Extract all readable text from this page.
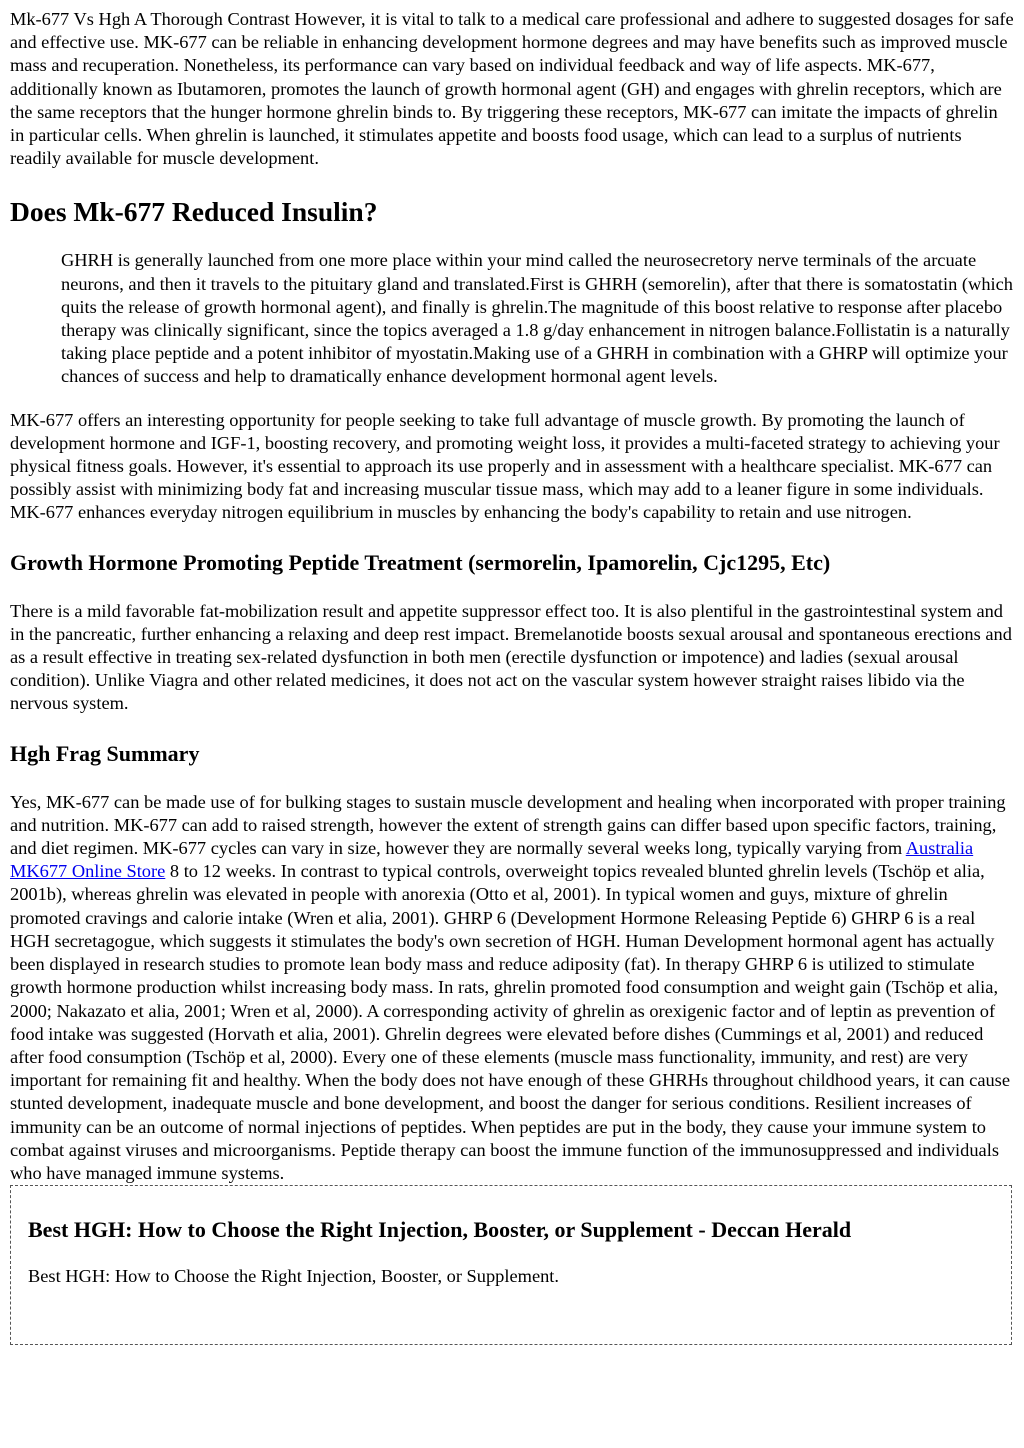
Mk-677 Vs Hgh A Thorough Contrast However, it is vital to talk to a medical care professional and adhere to suggested dosages for safe and effective use. MK-677 can be reliable in enhancing development hormone degrees and may have benefits such as improved muscle mass and recuperation. Nonetheless, its performance can vary based on individual feedback and way of life aspects. MK-677, additionally known as Ibutamoren, promotes the launch of growth hormonal agent (GH) and engages with ghrelin receptors, which are the same receptors that the hunger hormone ghrelin binds to. By triggering these receptors, MK-677 can imitate the impacts of ghrelin in particular cells. When ghrelin is launched, it stimulates appetite and boosts food usage, which can lead to a surplus of nutrients readily available for muscle development.

Does Mk-677 Reduced Insulin?

GHRH is generally launched from one more place within your mind called the neurosecretory nerve terminals of the arcuate neurons, and then it travels to the pituitary gland and translated.First is GHRH (semorelin), after that there is somatostatin (which quits the release of growth hormonal agent), and finally is ghrelin.The magnitude of this boost relative to response after placebo therapy was clinically significant, since the topics averaged a 1.8 g/day enhancement in nitrogen balance.Follistatin is a naturally taking place peptide and a potent inhibitor of myostatin.Making use of a GHRH in combination with a GHRP will optimize your chances of success and help to dramatically enhance development hormonal agent levels.

MK-677 offers an interesting opportunity for people seeking to take full advantage of muscle growth. By promoting the launch of development hormone and IGF-1, boosting recovery, and promoting weight loss, it provides a multi-faceted strategy to achieving your physical fitness goals. However, it's essential to approach its use properly and in assessment with a healthcare specialist. MK-677 can possibly assist with minimizing body fat and increasing muscular tissue mass, which may add to a leaner figure in some individuals. MK-677 enhances everyday nitrogen equilibrium in muscles by enhancing the body's capability to retain and use nitrogen.

Growth Hormone Promoting Peptide Treatment (sermorelin, Ipamorelin, Cjc1295, Etc)

There is a mild favorable fat-mobilization result and appetite suppressor effect too. It is also plentiful in the gastrointestinal system and in the pancreatic, further enhancing a relaxing and deep rest impact. Bremelanotide boosts sexual arousal and spontaneous erections and as a result effective in treating sex-related dysfunction in both men (erectile dysfunction or impotence) and ladies (sexual arousal condition). Unlike Viagra and other related medicines, it does not act on the vascular system however straight raises libido via the nervous system.

Hgh Frag Summary

Yes, MK-677 can be made use of for bulking stages to sustain muscle development and healing when incorporated with proper training and nutrition. MK-677 can add to raised strength, however the extent of strength gains can differ based upon specific factors, training, and diet regimen. MK-677 cycles can vary in size, however they are normally several weeks long, typically varying from Australia MK677 Online Store 8 to 12 weeks. In contrast to typical controls, overweight topics revealed blunted ghrelin levels (Tschöp et alia, 2001b), whereas ghrelin was elevated in people with anorexia (Otto et al, 2001). In typical women and guys, mixture of ghrelin promoted cravings and calorie intake (Wren et alia, 2001). GHRP 6 (Development Hormone Releasing Peptide 6) GHRP 6 is a real HGH secretagogue, which suggests it stimulates the body's own secretion of HGH. Human Development hormonal agent has actually been displayed in research studies to promote lean body mass and reduce adiposity (fat). In therapy GHRP 6 is utilized to stimulate growth hormone production whilst increasing body mass. In rats, ghrelin promoted food consumption and weight gain (Tschöp et alia, 2000; Nakazato et alia, 2001; Wren et al, 2000). A corresponding activity of ghrelin as orexigenic factor and of leptin as prevention of food intake was suggested (Horvath et alia, 2001). Ghrelin degrees were elevated before dishes (Cummings et al, 2001) and reduced after food consumption (Tschöp et al, 2000). Every one of these elements (muscle mass functionality, immunity, and rest) are very important for remaining fit and healthy. When the body does not have enough of these GHRHs throughout childhood years, it can cause stunted development, inadequate muscle and bone development, and boost the danger for serious conditions. Resilient increases of immunity can be an outcome of normal injections of peptides. When peptides are put in the body, they cause your immune system to combat against viruses and microorganisms. Peptide therapy can boost the immune function of the immunosuppressed and individuals who have managed immune systems.

Best HGH: How to Choose the Right Injection, Booster, or Supplement - Deccan Herald

Best HGH: How to Choose the Right Injection, Booster, or Supplement.
